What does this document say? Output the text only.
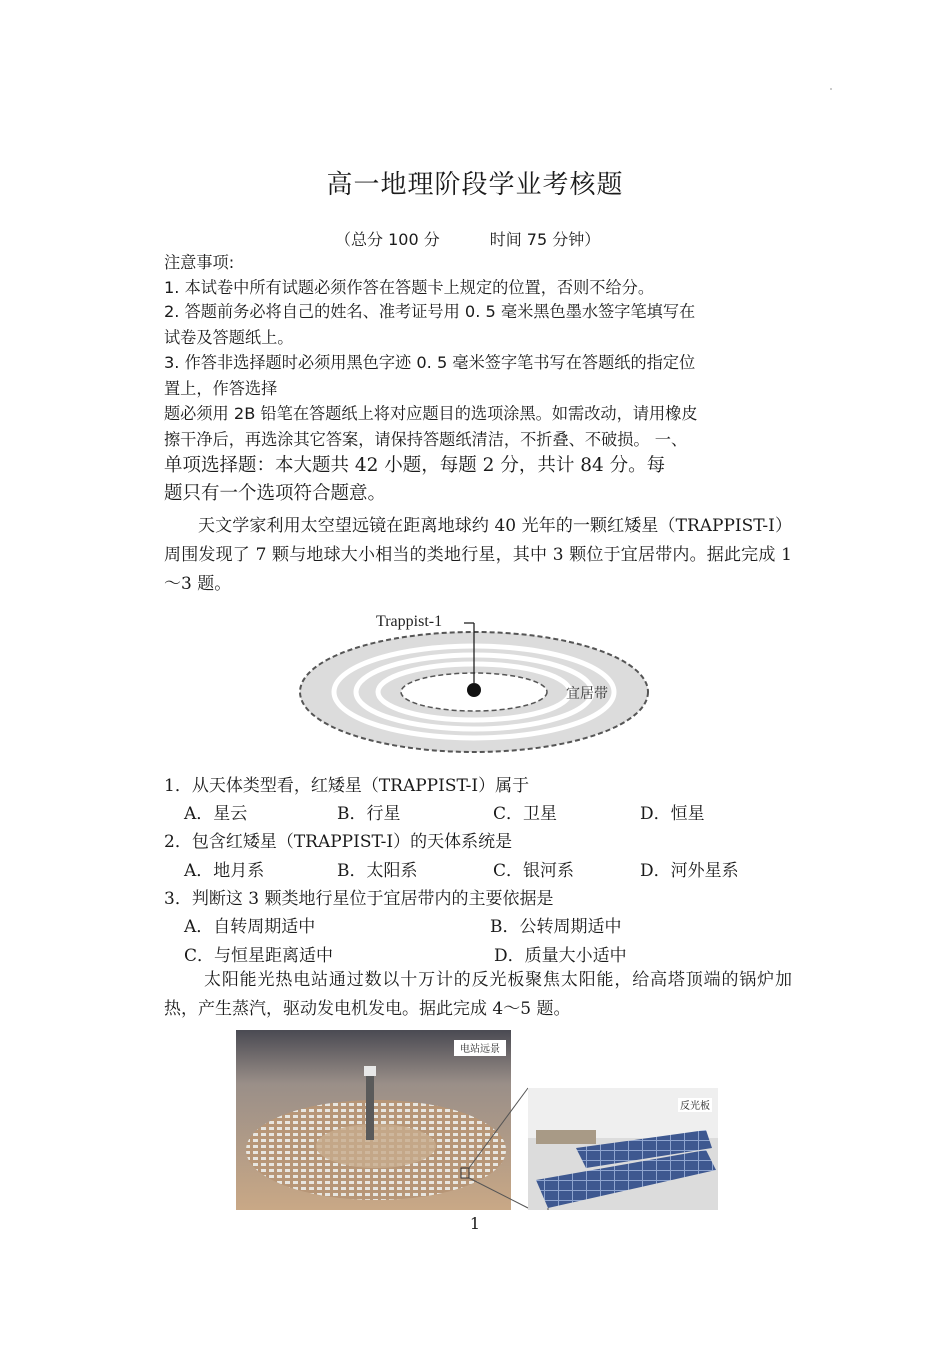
高一地理阶段学业考核题
（总分 100 分	时间 75 分钟）
注意事项:
1. 本试卷中所有试题必须作答在答题卡上规定的位置，否则不给分。
2. 答题前务必将自己的姓名、准考证号用 0. 5 毫米黑色墨水签字笔填写在
试卷及答题纸上。
3. 作答非选择题时必须用黑色字迹 0. 5 毫米签字笔书写在答题纸的指定位
置上，作答选择
题必须用 2B 铅笔在答题纸上将对应题目的选项涂黑。如需改动，请用橡皮
擦干净后，再选涂其它答案，请保持答题纸清洁，不折叠、不破损。 一、
单项选择题：本大题共 42 小题，每题 2 分，共计 84 分。每
题只有一个选项符合题意。
天文学家利用太空望远镜在距离地球约 40 光年的一颗红矮星（TRAPPIST-I）周围发现了 7 颗与地球大小相当的类地行星，其中 3 颗位于宜居带内。据此完成 1～3 题。
Trappist-1
宜居带
1．从天体类型看，红矮星（TRAPPIST-I）属于
A．星云	B．行星	C．卫星	D．恒星
2．包含红矮星（TRAPPIST-I）的天体系统是
A．地月系	B．太阳系	C．银河系	D．河外星系
3．判断这 3 颗类地行星位于宜居带内的主要依据是
A．自转周期适中	B．公转周期适中
C．与恒星距离适中	D．质量大小适中
太阳能光热电站通过数以十万计的反光板聚焦太阳能，给高塔顶端的锅炉加热，产生蒸汽，驱动发电机发电。据此完成 4～5 题。
电站远景
反光板
1
